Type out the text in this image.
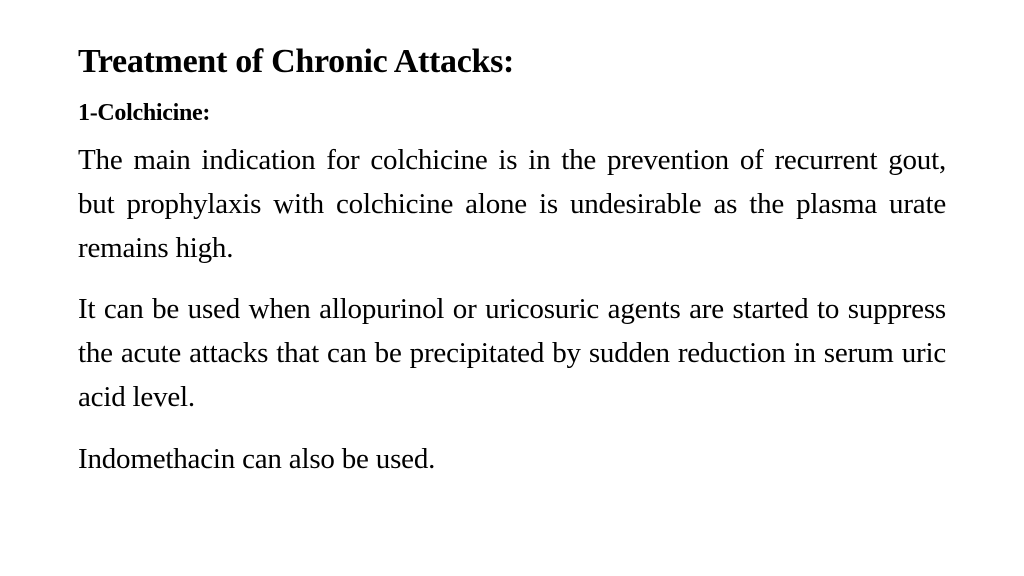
Treatment of Chronic Attacks:
1-Colchicine:

The main indication for colchicine is in the prevention of recurrent gout, but prophylaxis with colchicine alone is undesirable as the plasma urate remains high.

It can be used when allopurinol or uricosuric agents are started to suppress the acute attacks that can be precipitated by sudden reduction in serum uric acid level.

Indomethacin can also be used.
